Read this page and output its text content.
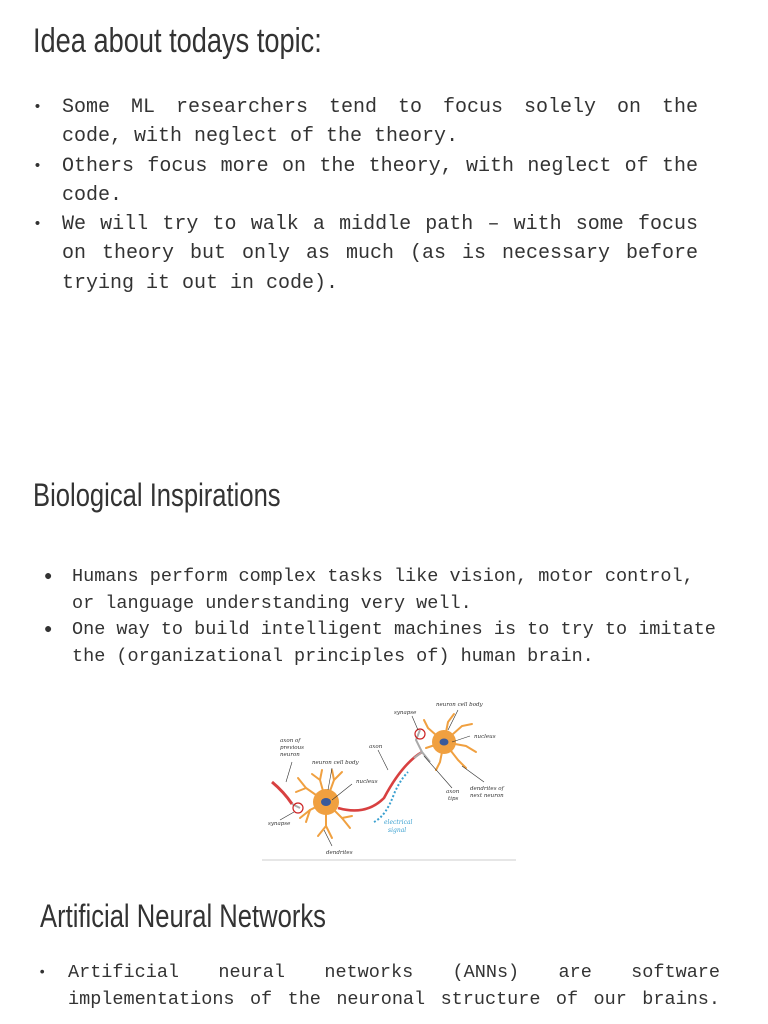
Idea about todays topic:
• Some ML researchers tend to focus solely on the code, with neglect of the theory.
• Others focus more on the theory, with neglect of the code.
• We will try to walk a middle path – with some focus on theory but only as much (as is necessary before trying it out in code).
Biological Inspirations
● Humans perform complex tasks like vision, motor control, or language understanding very well.
● One way to build intelligent machines is to try to imitate the (organizational principles of) human brain.
axon of
previous
neuron
neuron cell body
nucleus
synapse
dendrites
electrical
signal
axon
synapse
neuron cell body
nucleus
axon
tips
dendrites of
next neuron
Artificial Neural Networks
• Artificial neural networks (ANNs) are software implementations of the neuronal structure of our brains.
